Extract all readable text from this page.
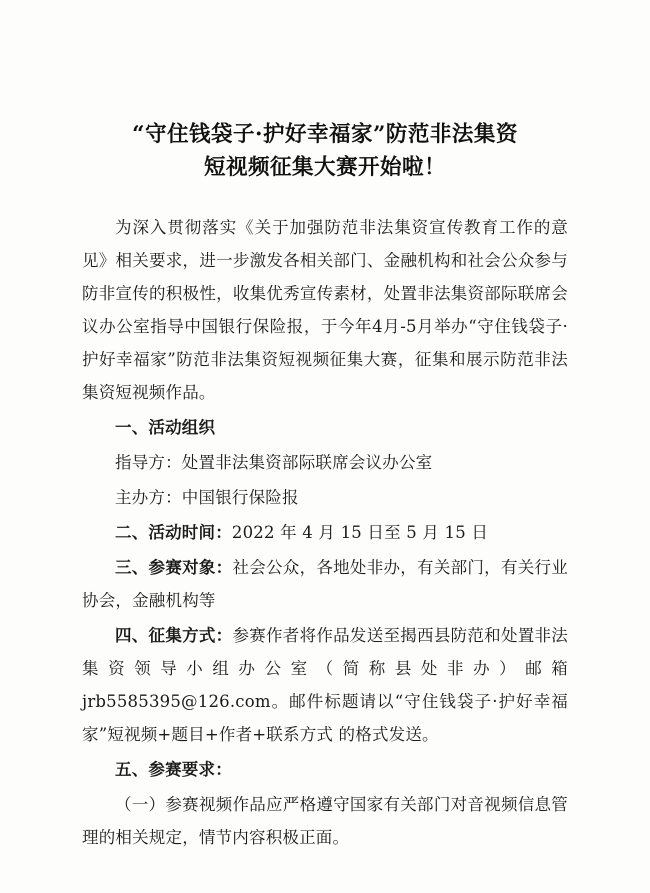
“守住钱袋子·护好幸福家”防范非法集资
短视频征集大赛开始啦！

为深入贯彻落实《关于加强防范非法集资宣传教育工作的意见》相关要求，进一步激发各相关部门、金融机构和社会公众参与防非宣传的积极性，收集优秀宣传素材，处置非法集资部际联席会议办公室指导中国银行保险报，于今年4月-5月举办“守住钱袋子·护好幸福家”防范非法集资短视频征集大赛，征集和展示防范非法集资短视频作品。

一、活动组织

指导方：处置非法集资部际联席会议办公室

主办方：中国银行保险报

二、活动时间：2022 年 4 月 15 日至 5 月 15 日

三、参赛对象：社会公众，各地处非办，有关部门，有关行业协会，金融机构等

四、征集方式：参赛作者将作品发送至揭西县防范和处置非法集资领导小组办公室（简称县处非办）邮箱 jrb5585395@126.com。邮件标题请以“守住钱袋子·护好幸福家”短视频+题目+作者+联系方式 的格式发送。

五、参赛要求：

（一）参赛视频作品应严格遵守国家有关部门对音视频信息管理的相关规定，情节内容积极正面。
